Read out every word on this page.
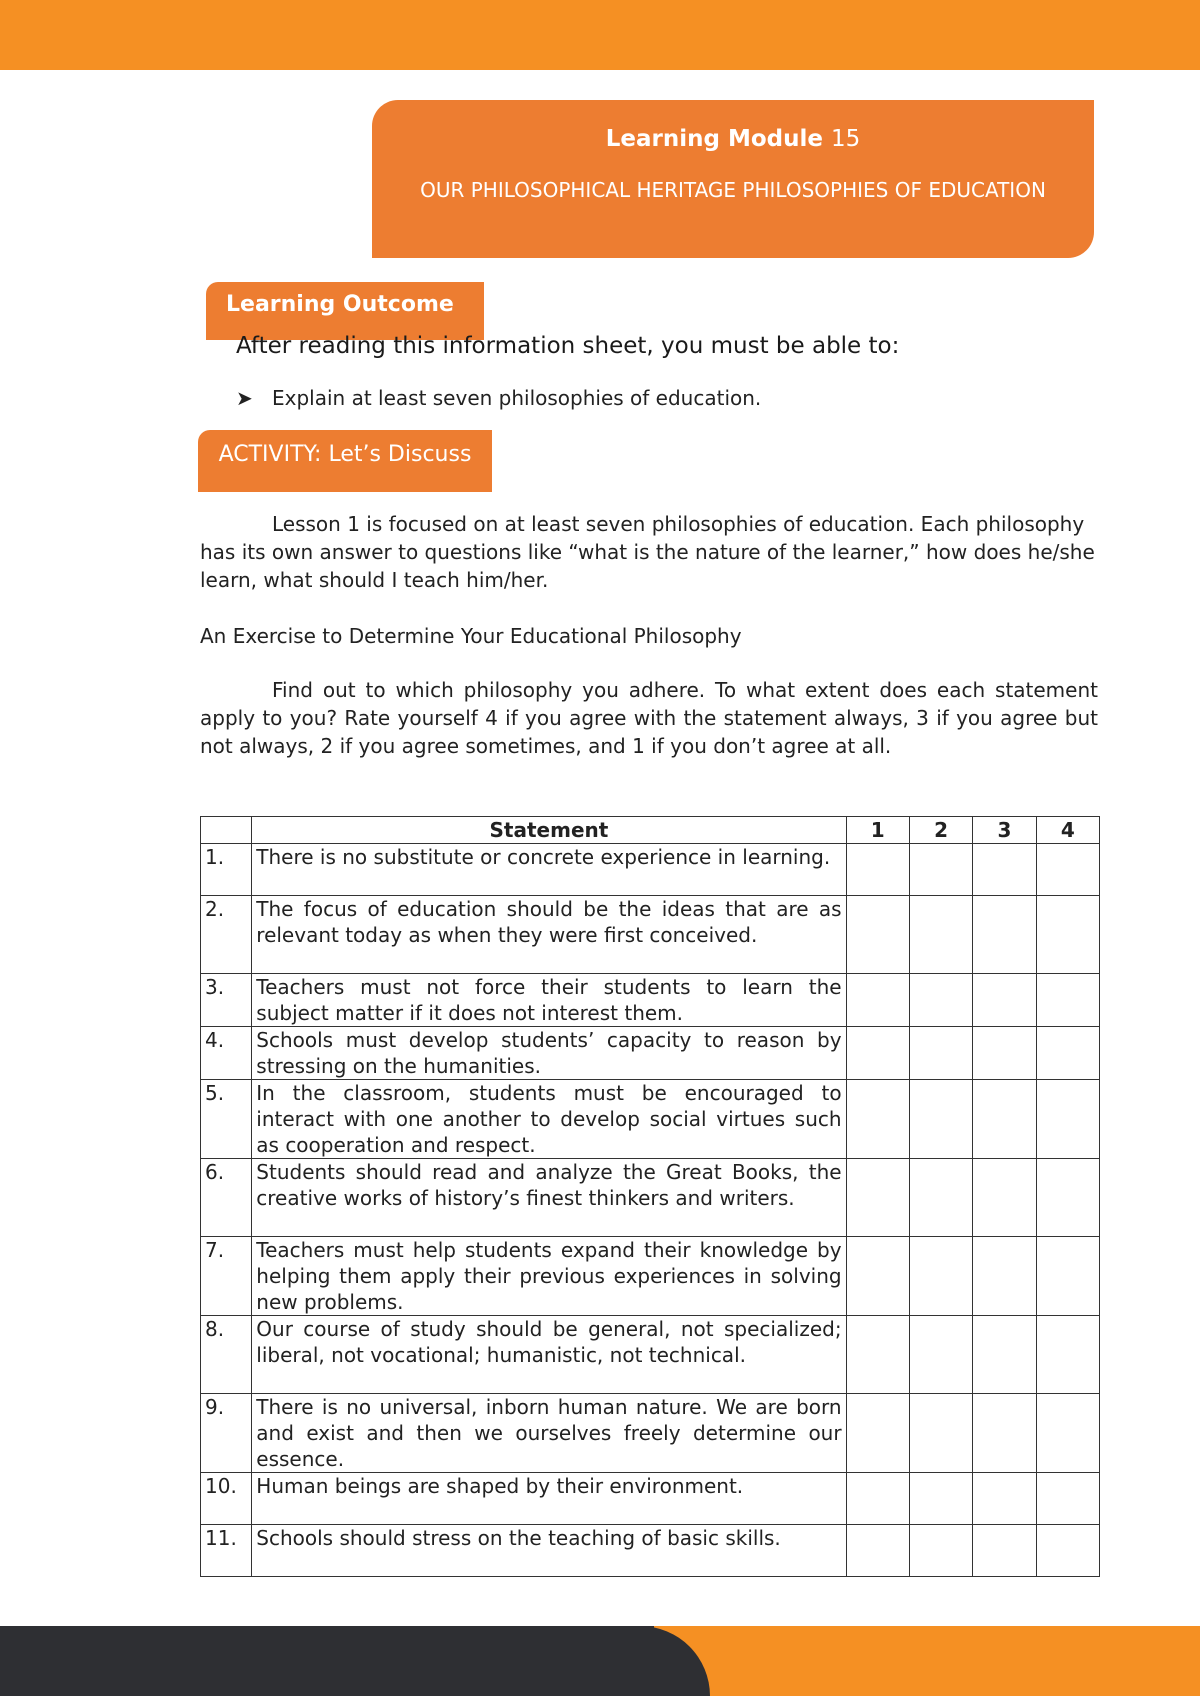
Learning Module 15
OUR PHILOSOPHICAL HERITAGE PHILOSOPHIES OF EDUCATION
Learning Outcome
After reading this information sheet, you must be able to:
➤ Explain at least seven philosophies of education.
ACTIVITY: Let’s Discuss
Lesson 1 is focused on at least seven philosophies of education. Each philosophy has its own answer to questions like “what is the nature of the learner,” how does he/she learn, what should I teach him/her.
An Exercise to Determine Your Educational Philosophy
Find out to which philosophy you adhere. To what extent does each statement apply to you? Rate yourself 4 if you agree with the statement always, 3 if you agree but not always, 2 if you agree sometimes, and 1 if you don’t agree at all.
	Statement	1	2	3	4
1.	There is no substitute or concrete experience in learning.				
2.	The focus of education should be the ideas that are as relevant today as when they were first conceived.				
3.	Teachers must not force their students to learn the subject matter if it does not interest them.				
4.	Schools must develop students’ capacity to reason by stressing on the humanities.				
5.	In the classroom, students must be encouraged to interact with one another to develop social virtues such as cooperation and respect.				
6.	Students should read and analyze the Great Books, the creative works of history’s finest thinkers and writers.				
7.	Teachers must help students expand their knowledge by helping them apply their previous experiences in solving new problems.				
8.	Our course of study should be general, not specialized; liberal, not vocational; humanistic, not technical.				
9.	There is no universal, inborn human nature. We are born and exist and then we ourselves freely determine our essence.				
10.	Human beings are shaped by their environment.				
11.	Schools should stress on the teaching of basic skills.				
